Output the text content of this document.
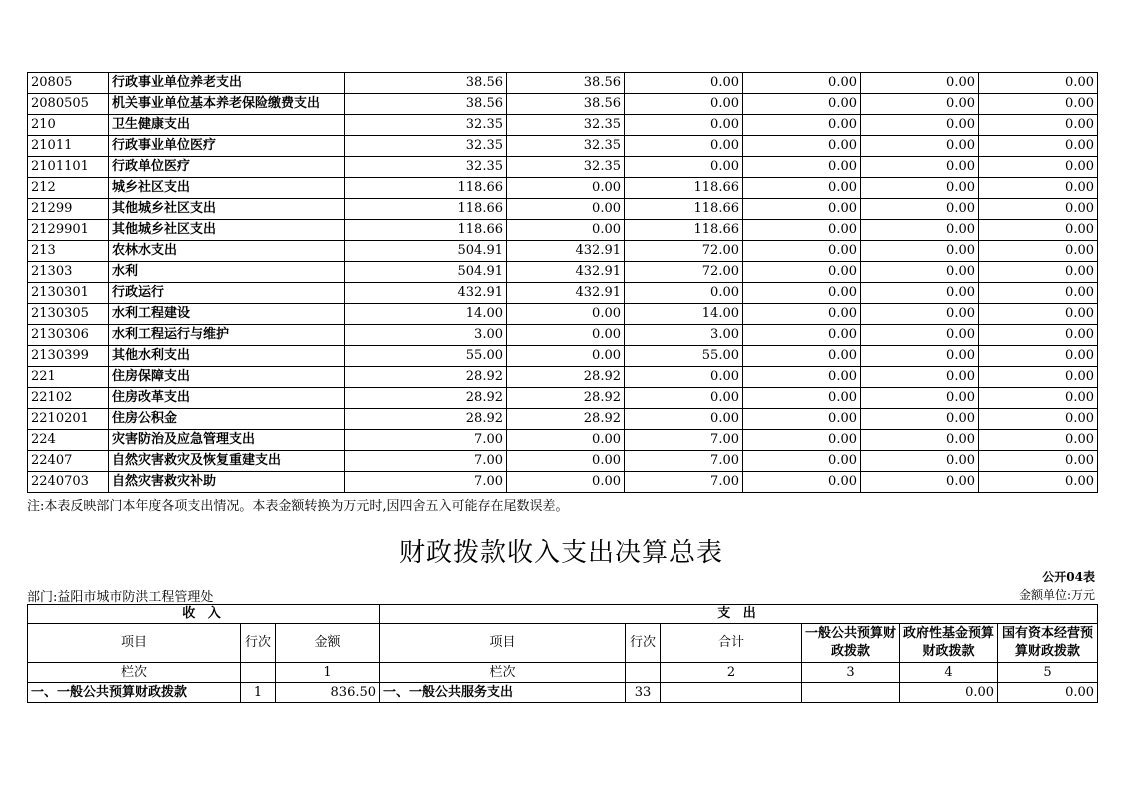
20805	行政事业单位养老支出	38.56	38.56	0.00	0.00	0.00	0.00
2080505	机关事业单位基本养老保险缴费支出	38.56	38.56	0.00	0.00	0.00	0.00
210	卫生健康支出	32.35	32.35	0.00	0.00	0.00	0.00
21011	行政事业单位医疗	32.35	32.35	0.00	0.00	0.00	0.00
2101101	行政单位医疗	32.35	32.35	0.00	0.00	0.00	0.00
212	城乡社区支出	118.66	0.00	118.66	0.00	0.00	0.00
21299	其他城乡社区支出	118.66	0.00	118.66	0.00	0.00	0.00
2129901	其他城乡社区支出	118.66	0.00	118.66	0.00	0.00	0.00
213	农林水支出	504.91	432.91	72.00	0.00	0.00	0.00
21303	水利	504.91	432.91	72.00	0.00	0.00	0.00
2130301	行政运行	432.91	432.91	0.00	0.00	0.00	0.00
2130305	水利工程建设	14.00	0.00	14.00	0.00	0.00	0.00
2130306	水利工程运行与维护	3.00	0.00	3.00	0.00	0.00	0.00
2130399	其他水利支出	55.00	0.00	55.00	0.00	0.00	0.00
221	住房保障支出	28.92	28.92	0.00	0.00	0.00	0.00
22102	住房改革支出	28.92	28.92	0.00	0.00	0.00	0.00
2210201	住房公积金	28.92	28.92	0.00	0.00	0.00	0.00
224	灾害防治及应急管理支出	7.00	0.00	7.00	0.00	0.00	0.00
22407	自然灾害救灾及恢复重建支出	7.00	0.00	7.00	0.00	0.00	0.00
2240703	自然灾害救灾补助	7.00	0.00	7.00	0.00	0.00	0.00
注:本表反映部门本年度各项支出情况。本表金额转换为万元时,因四舍五入可能存在尾数误差。
财政拨款收入支出决算总表
公开04表
部门:益阳市城市防洪工程管理处	金额单位:万元
收 入			支 出					
项目	行次	金额	项目	行次	合计	一般公共预算财政拨款	政府性基金预算财政拨款	国有资本经营预算财政拨款
栏次		1	栏次		2	3	4	5
一、一般公共预算财政拨款	1	836.50	一、一般公共服务支出	33			0.00	0.00
